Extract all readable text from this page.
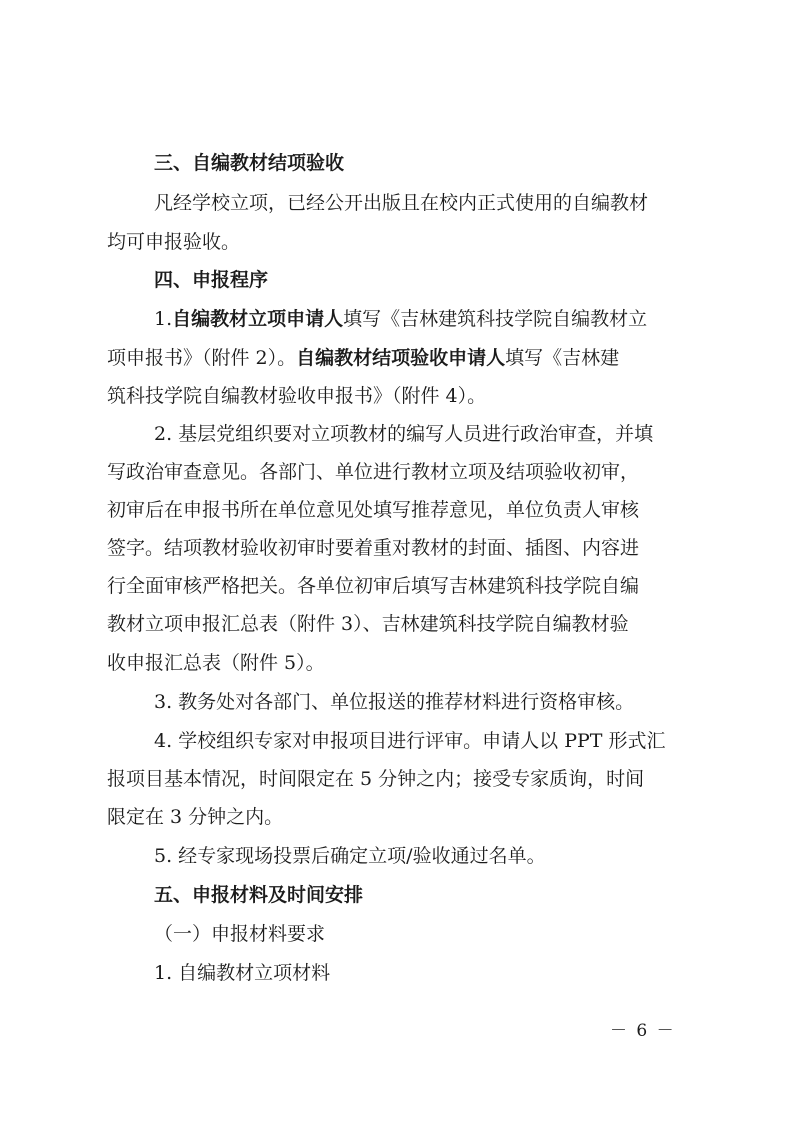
三、自编教材结项验收
凡经学校立项，已经公开出版且在校内正式使用的自编教材
均可申报验收。
四、申报程序
1.自编教材立项申请人填写《吉林建筑科技学院自编教材立
项申报书》（附件 2）。自编教材结项验收申请人填写《吉林建
筑科技学院自编教材验收申报书》（附件 4）。
2. 基层党组织要对立项教材的编写人员进行政治审查，并填
写政治审查意见。各部门、单位进行教材立项及结项验收初审，
初审后在申报书所在单位意见处填写推荐意见，单位负责人审核
签字。结项教材验收初审时要着重对教材的封面、插图、内容进
行全面审核严格把关。各单位初审后填写吉林建筑科技学院自编
教材立项申报汇总表（附件 3）、吉林建筑科技学院自编教材验
收申报汇总表（附件 5）。
3. 教务处对各部门、单位报送的推荐材料进行资格审核。
4. 学校组织专家对申报项目进行评审。申请人以 PPT 形式汇
报项目基本情况，时间限定在 5 分钟之内；接受专家质询，时间
限定在 3 分钟之内。
5. 经专家现场投票后确定立项/验收通过名单。
五、申报材料及时间安排
（一）申报材料要求
1. 自编教材立项材料
－ 6 －
